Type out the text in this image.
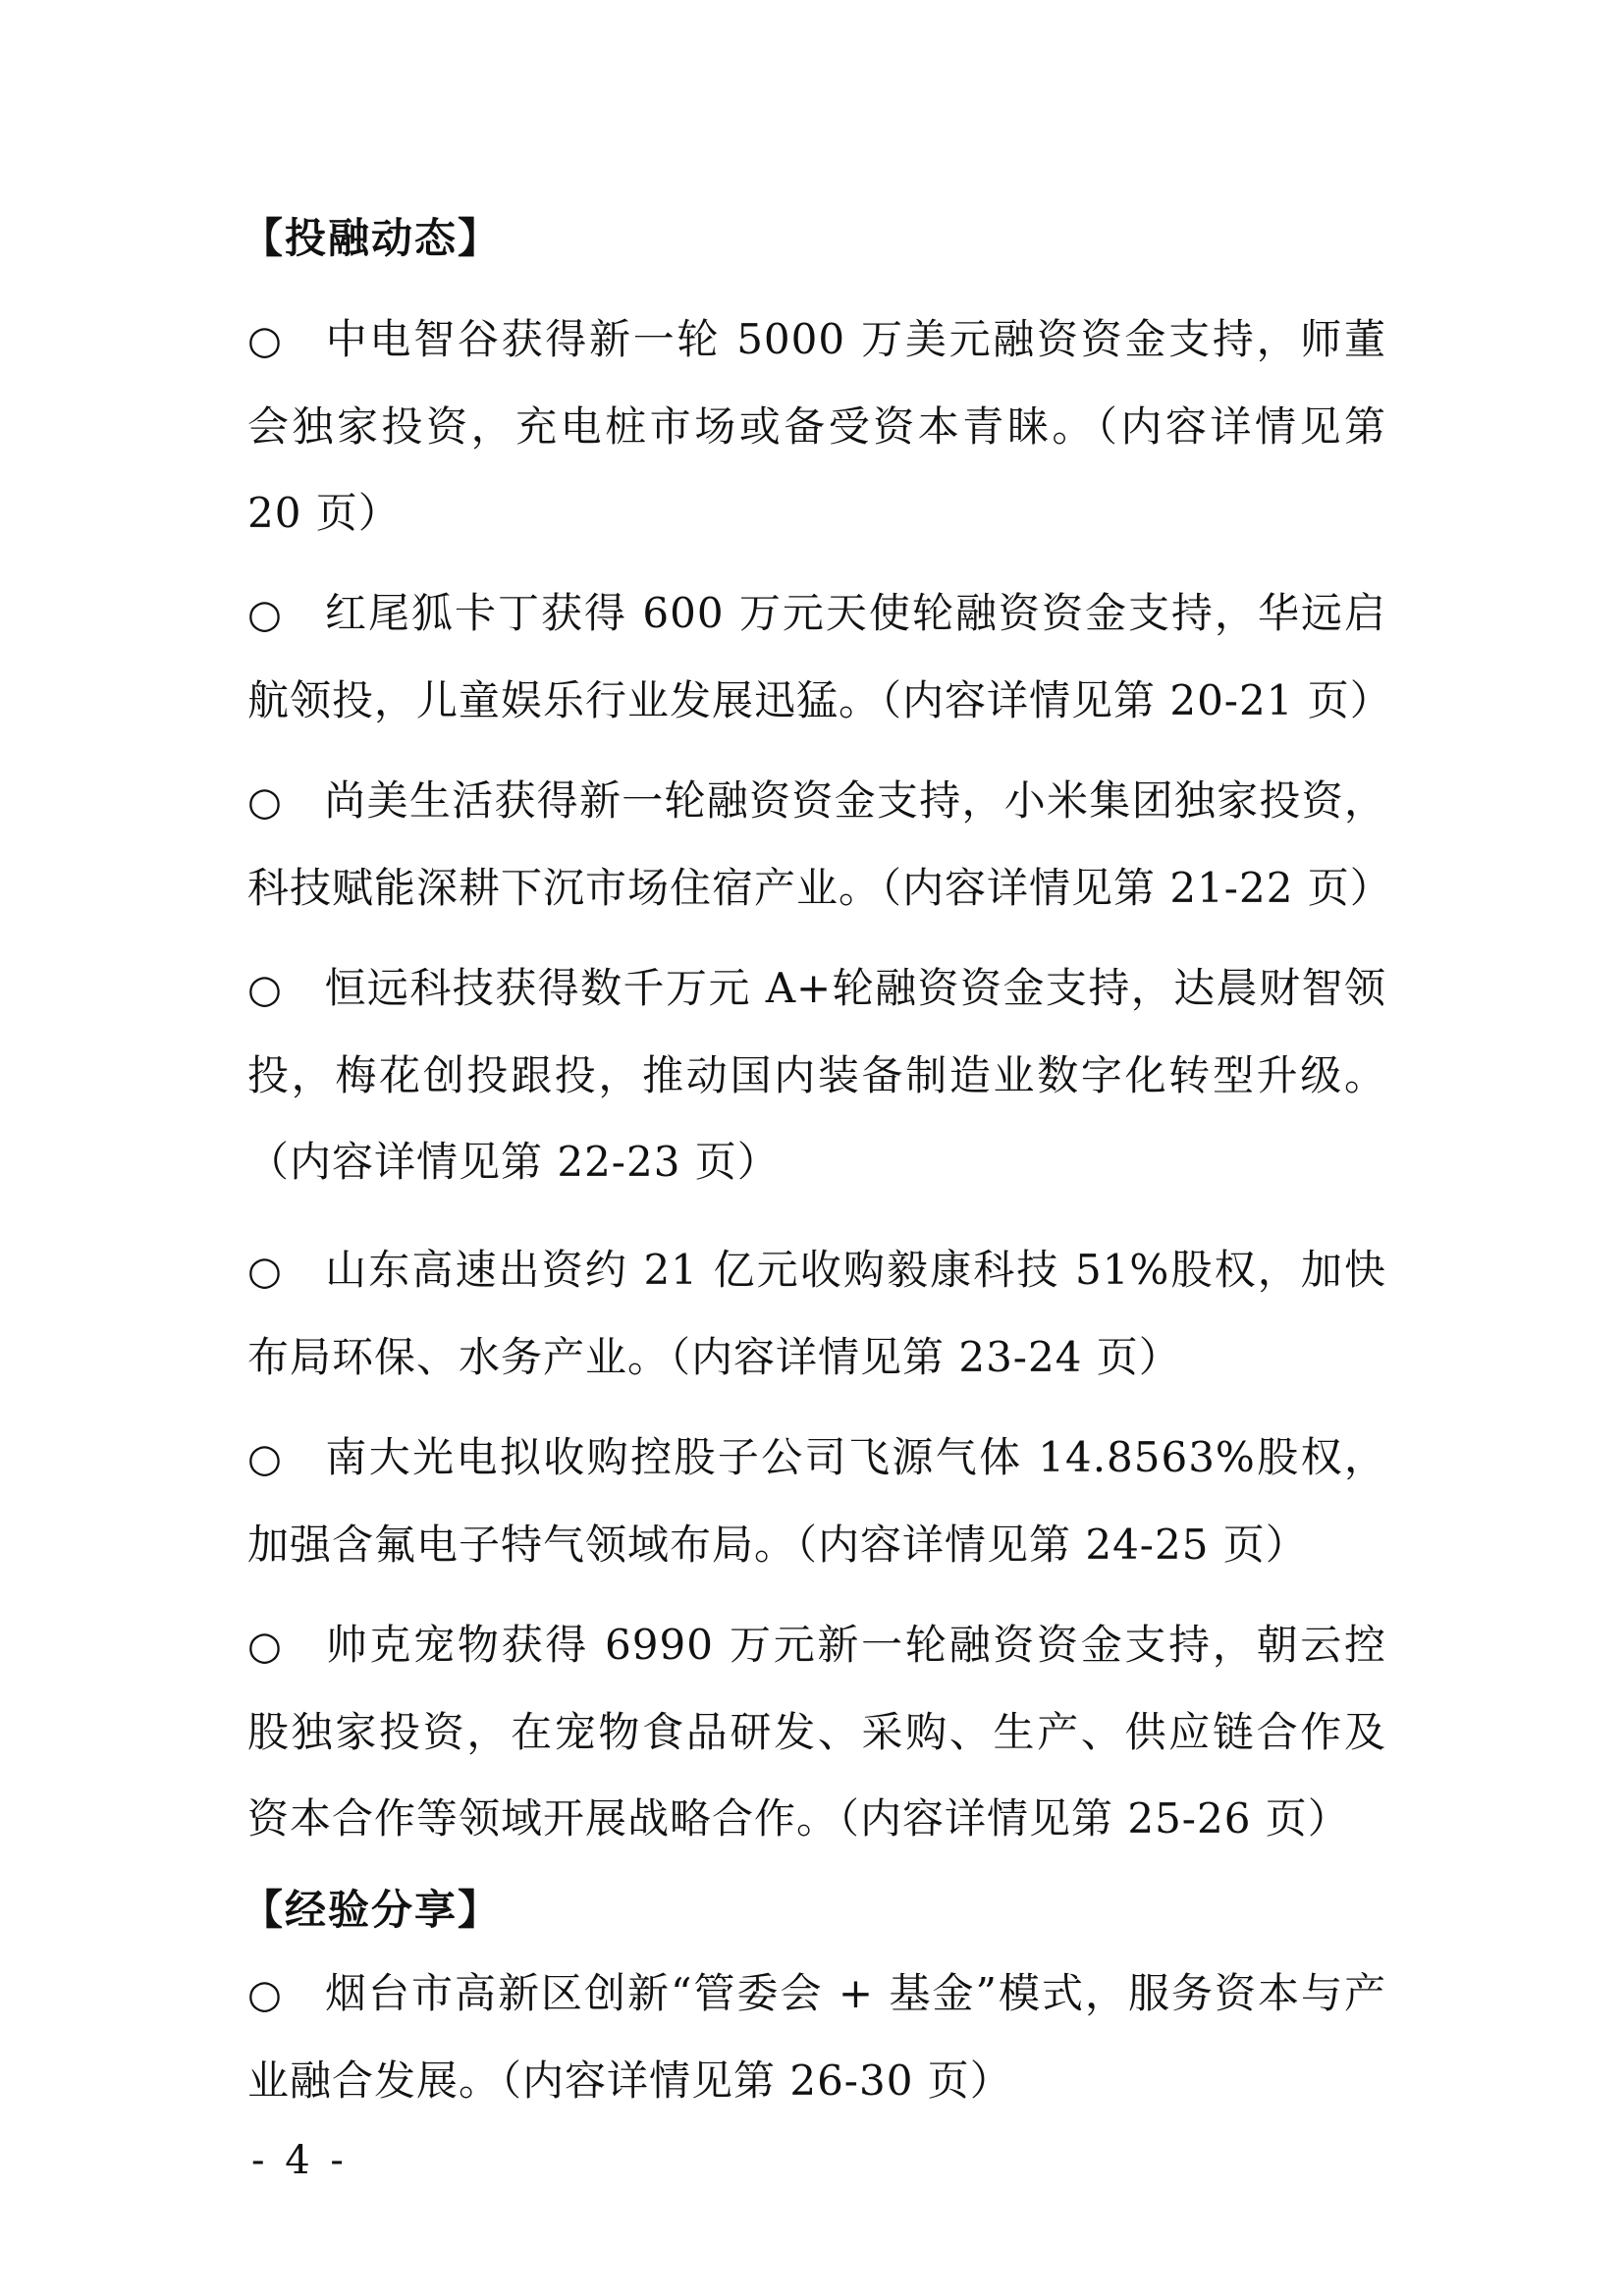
【投融动态】
○ 中电智谷获得新一轮 5000 万美元融资资金支持，师董会独家投资，充电桩市场或备受资本青睐。（内容详情见第 20 页）
○ 红尾狐卡丁获得 600 万元天使轮融资资金支持，华远启航领投，儿童娱乐行业发展迅猛。（内容详情见第 20-21 页）
○ 尚美生活获得新一轮融资资金支持，小米集团独家投资，科技赋能深耕下沉市场住宿产业。（内容详情见第 21-22 页）
○ 恒远科技获得数千万元 A+轮融资资金支持，达晨财智领投，梅花创投跟投，推动国内装备制造业数字化转型升级。（内容详情见第 22-23 页）
○ 山东高速出资约 21 亿元收购毅康科技 51%股权，加快布局环保、水务产业。（内容详情见第 23-24 页）
○ 南大光电拟收购控股子公司飞源气体 14.8563%股权，加强含氟电子特气领域布局。（内容详情见第 24-25 页）
○ 帅克宠物获得 6990 万元新一轮融资资金支持，朝云控股独家投资，在宠物食品研发、采购、生产、供应链合作及资本合作等领域开展战略合作。（内容详情见第 25-26 页）
【经验分享】
○ 烟台市高新区创新“管委会 + 基金”模式，服务资本与产业融合发展。（内容详情见第 26-30 页）
- 4 -
